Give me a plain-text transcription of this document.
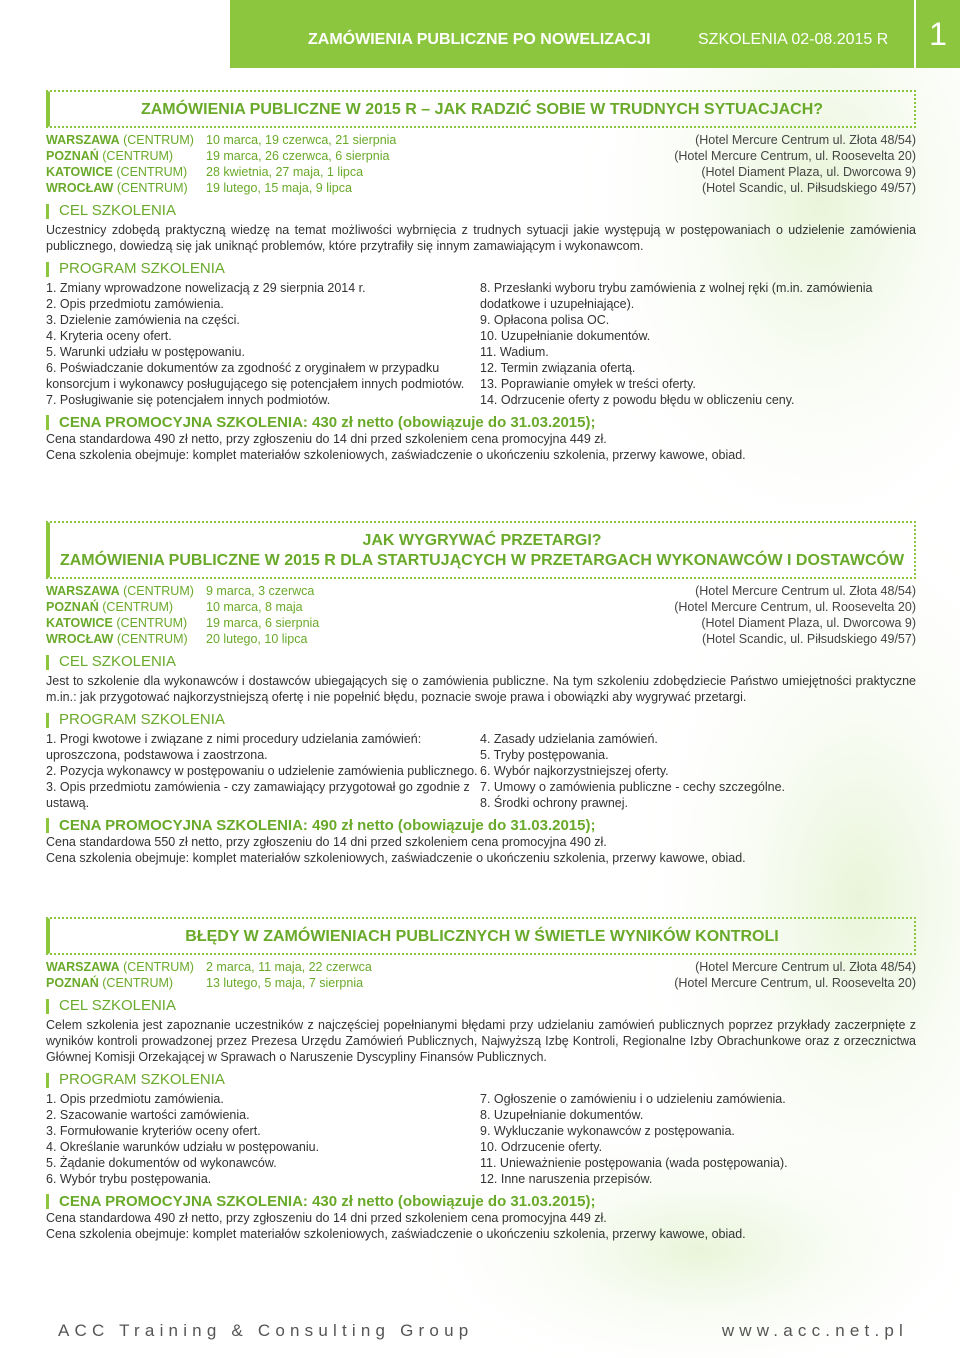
ZAMÓWIENIA PUBLICZNE PO NOWELIZACJI	SZKOLENIA 02-08.2015 R	1
ZAMÓWIENIA PUBLICZNE W 2015 R – JAK RADZIĆ SOBIE W TRUDNYCH SYTUACJACH?
WARSZAWA (CENTRUM) 10 marca, 19 czerwca, 21 sierpnia	(Hotel Mercure Centrum ul. Złota 48/54)
POZNAŃ (CENTRUM)	19 marca, 26 czerwca, 6 sierpnia	(Hotel Mercure Centrum, ul. Roosevelta 20)
KATOWICE (CENTRUM)	28 kwietnia, 27 maja, 1 lipca	(Hotel Diament Plaza, ul. Dworcowa 9)
WROCŁAW (CENTRUM)	19 lutego, 15 maja, 9 lipca	(Hotel Scandic, ul. Piłsudskiego 49/57)
CEL SZKOLENIA
Uczestnicy zdobędą praktyczną wiedzę na temat możliwości wybrnięcia z trudnych sytuacji jakie występują w postępowaniach o udzielenie zamówienia publicznego, dowiedzą się jak uniknąć problemów, które przytrafiły się innym zamawiającym i wykonawcom.
PROGRAM SZKOLENIA
1. Zmiany wprowadzone nowelizacją z 29 sierpnia 2014 r.
2. Opis przedmiotu zamówienia.
3. Dzielenie zamówienia na części.
4. Kryteria oceny ofert.
5. Warunki udziału w postępowaniu.
6. Poświadczanie dokumentów za zgodność z oryginałem w przypadku konsorcjum i wykonawcy posługującego się potencjałem innych podmiotów.
7. Posługiwanie się potencjałem innych podmiotów.
8. Przesłanki wyboru trybu zamówienia z wolnej ręki (m.in. zamówienia dodatkowe i uzupełniające).
9. Opłacona polisa OC.
10. Uzupełnianie dokumentów.
11. Wadium.
12. Termin związania ofertą.
13. Poprawianie omyłek w treści oferty.
14. Odrzucenie oferty z powodu błędu w obliczeniu ceny.
CENA PROMOCYJNA SZKOLENIA: 430 zł netto (obowiązuje do 31.03.2015);
Cena standardowa 490 zł netto, przy zgłoszeniu do 14 dni przed szkoleniem cena promocyjna 449 zł.
Cena szkolenia obejmuje: komplet materiałów szkoleniowych, zaświadczenie o ukończeniu szkolenia, przerwy kawowe, obiad.
JAK WYGRYWAĆ PRZETARGI?
ZAMÓWIENIA PUBLICZNE W 2015 R DLA STARTUJĄCYCH W PRZETARGACH WYKONAWCÓW I DOSTAWCÓW
WARSZAWA (CENTRUM) 9 marca, 3 czerwca	(Hotel Mercure Centrum ul. Złota 48/54)
POZNAŃ (CENTRUM)	10 marca, 8 maja	(Hotel Mercure Centrum, ul. Roosevelta 20)
KATOWICE (CENTRUM)	19 marca, 6 sierpnia	(Hotel Diament Plaza, ul. Dworcowa 9)
WROCŁAW (CENTRUM)	20 lutego, 10 lipca	(Hotel Scandic, ul. Piłsudskiego 49/57)
CEL SZKOLENIA
Jest to szkolenie dla wykonawców i dostawców ubiegających się o zamówienia publiczne. Na tym szkoleniu zdobędziecie Państwo umiejętności praktyczne m.in.: jak przygotować najkorzystniejszą ofertę i nie popełnić błędu, poznacie swoje prawa i obowiązki aby wygrywać przetargi.
PROGRAM SZKOLENIA
1. Progi kwotowe i związane z nimi procedury udzielania zamówień: uproszczona, podstawowa i zaostrzona.
2. Pozycja wykonawcy w postępowaniu o udzielenie zamówienia publicznego.
3. Opis przedmiotu zamówienia - czy zamawiający przygotował go zgodnie z ustawą.
4. Zasady udzielania zamówień.
5. Tryby postępowania.
6. Wybór najkorzystniejszej oferty.
7. Umowy o zamówienia publiczne - cechy szczególne.
8. Środki ochrony prawnej.
CENA PROMOCYJNA SZKOLENIA: 490 zł netto (obowiązuje do 31.03.2015);
Cena standardowa 550 zł netto, przy zgłoszeniu do 14 dni przed szkoleniem cena promocyjna 490 zł.
Cena szkolenia obejmuje: komplet materiałów szkoleniowych, zaświadczenie o ukończeniu szkolenia, przerwy kawowe, obiad.
BŁĘDY W ZAMÓWIENIACH PUBLICZNYCH W ŚWIETLE WYNIKÓW KONTROLI
WARSZAWA (CENTRUM) 2 marca, 11 maja, 22 czerwca	(Hotel Mercure Centrum ul. Złota 48/54)
POZNAŃ (CENTRUM)	13 lutego, 5 maja, 7 sierpnia	(Hotel Mercure Centrum, ul. Roosevelta 20)
CEL SZKOLENIA
Celem szkolenia jest zapoznanie uczestników z najczęściej popełnianymi błędami przy udzielaniu zamówień publicznych poprzez przykłady zaczerpnięte z wyników kontroli prowadzonej przez Prezesa Urzędu Zamówień Publicznych, Najwyższą Izbę Kontroli, Regionalne Izby Obrachunkowe oraz z orzecznictwa Głównej Komisji Orzekającej w Sprawach o Naruszenie Dyscypliny Finansów Publicznych.
PROGRAM SZKOLENIA
1. Opis przedmiotu zamówienia.
2. Szacowanie wartości zamówienia.
3. Formułowanie kryteriów oceny ofert.
4. Określanie warunków udziału w postępowaniu.
5. Żądanie dokumentów od wykonawców.
6. Wybór trybu postępowania.
7. Ogłoszenie o zamówieniu i o udzieleniu zamówienia.
8. Uzupełnianie dokumentów.
9. Wykluczanie wykonawców z postępowania.
10. Odrzucenie oferty.
11. Unieważnienie postępowania (wada postępowania).
12. Inne naruszenia przepisów.
CENA PROMOCYJNA SZKOLENIA: 430 zł netto (obowiązuje do 31.03.2015);
Cena standardowa 490 zł netto, przy zgłoszeniu do 14 dni przed szkoleniem cena promocyjna 449 zł.
Cena szkolenia obejmuje: komplet materiałów szkoleniowych, zaświadczenie o ukończeniu szkolenia, przerwy kawowe, obiad.
ACC Training & Consulting Group	www.acc.net.pl
